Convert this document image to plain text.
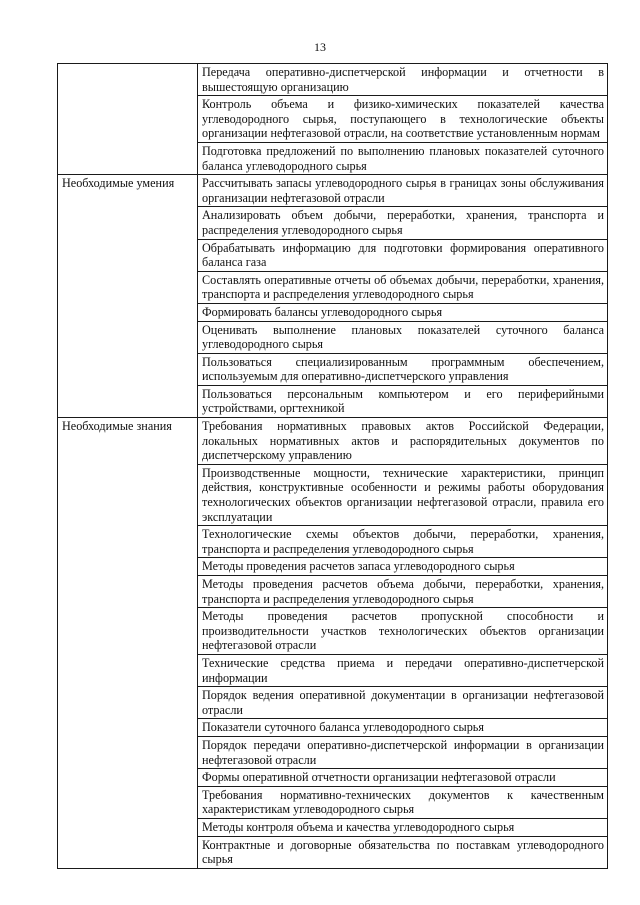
13
	Передача оперативно-диспетчерской информации и отчетности в вышестоящую организацию
	Контроль объема и физико-химических показателей качества углеводородного сырья, поступающего в технологические объекты организации нефтегазовой отрасли, на соответствие установленным нормам
	Подготовка предложений по выполнению плановых показателей суточного баланса углеводородного сырья
Необходимые умения	Рассчитывать запасы углеводородного сырья в границах зоны обслуживания организации нефтегазовой отрасли
	Анализировать объем добычи, переработки, хранения, транспорта и распределения углеводородного сырья
	Обрабатывать информацию для подготовки формирования оперативного баланса газа
	Составлять оперативные отчеты об объемах добычи, переработки, хранения, транспорта и распределения углеводородного сырья
	Формировать балансы углеводородного сырья
	Оценивать выполнение плановых показателей суточного баланса углеводородного сырья
	Пользоваться специализированным программным обеспечением, используемым для оперативно-диспетчерского управления
	Пользоваться персональным компьютером и его периферийными устройствами, оргтехникой
Необходимые знания	Требования нормативных правовых актов Российской Федерации, локальных нормативных актов и распорядительных документов по диспетчерскому управлению
	Производственные мощности, технические характеристики, принцип действия, конструктивные особенности и режимы работы оборудования технологических объектов организации нефтегазовой отрасли, правила его эксплуатации
	Технологические схемы объектов добычи, переработки, хранения, транспорта и распределения углеводородного сырья
	Методы проведения расчетов запаса углеводородного сырья
	Методы проведения расчетов объема добычи, переработки, хранения, транспорта и распределения углеводородного сырья
	Методы проведения расчетов пропускной способности и производительности участков технологических объектов организации нефтегазовой отрасли
	Технические средства приема и передачи оперативно-диспетчерской информации
	Порядок ведения оперативной документации в организации нефтегазовой отрасли
	Показатели суточного баланса углеводородного сырья
	Порядок передачи оперативно-диспетчерской информации в организации нефтегазовой отрасли
	Формы оперативной отчетности организации нефтегазовой отрасли
	Требования нормативно-технических документов к качественным характеристикам углеводородного сырья
	Методы контроля объема и качества углеводородного сырья
	Контрактные и договорные обязательства по поставкам углеводородного сырья
